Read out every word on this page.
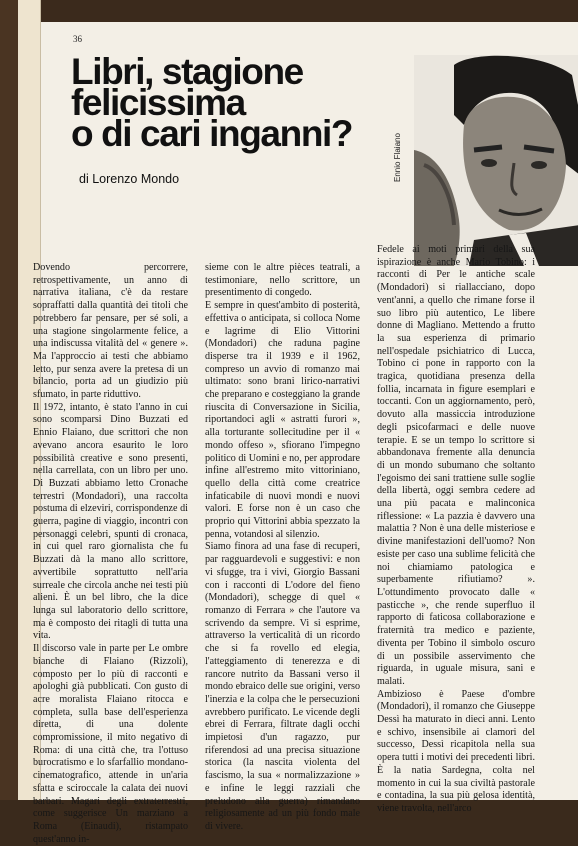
36
Libri, stagione
felicissima
o di cari inganni?
di Lorenzo Mondo	Ennio Flaiano

Dovendo percorrere, retrospettivamente, un anno di narrativa italiana, c'è da restare sopraffatti dalla quantità dei titoli che potrebbero far pensare, per sé soli, a una stagione singolarmente felice, a una indiscussa vitalità del « genere ». Ma l'approccio ai testi che abbiamo letto, pur senza avere la pretesa di un bilancio, porta ad un giudizio più sfumato, in parte riduttivo.

Il 1972, intanto, è stato l'anno in cui sono scomparsi Dino Buzzati ed Ennio Flaiano, due scrittori che non avevano ancora esaurito le loro possibilità creative e sono presenti, nella carrellata, con un libro per uno. Di Buzzati abbiamo letto Cronache terrestri (Mondadori), una raccolta postuma di elzeviri, corrispondenze di guerra, pagine di viaggio, incontri con personaggi celebri, spunti di cronaca, in cui quel raro giornalista che fu Buzzati dà la mano allo scrittore, avvertibile soprattutto nell'aria surreale che circola anche nei testi più alieni. È un bel libro, che la dice lunga sul laboratorio dello scrittore, ma è composto dei ritagli di tutta una vita.

Il discorso vale in parte per Le ombre bianche di Flaiano (Rizzoli), composto per lo più di racconti e apologhi già pubblicati. Con gusto di acre moralista Flaiano ritocca e completa, sulla base dell'esperienza diretta, di una dolente compromissione, il mito negativo di Roma: di una città che, tra l'ottuso burocratismo e lo sfarfallio mondano-cinematografico, attende in un'aria sfatta e sciroccale la calata dei nuovi barbari. Magari degli extraterrestri, come suggerisce Un marziano a Roma (Einaudi), ristampato quest'anno in-

sieme con le altre pièces teatrali, a testimoniare, nello scrittore, un presentimento di congedo.

E sempre in quest'ambito di posterità, effettiva o anticipata, si colloca Nome e lagrime di Elio Vittorini (Mondadori) che raduna pagine disperse tra il 1939 e il 1962, compreso un avvio di romanzo mai ultimato: sono brani lirico-narrativi che preparano e costeggiano la grande riuscita di Conversazione in Sicilia, riportandoci agli « astratti furori », alla torturante sollecitudine per il « mondo offeso », sfioranо l'impegno politico di Uomini e no, per approdare infine all'estremo mito vittoriniano, quello della città come creatrice infaticabile di nuovi mondi e nuovi valori. E forse non è un caso che proprio qui Vittorini abbia spezzato la penna, votandosi al silenzio.

Siamo finora ad una fase di recuperi, par ragguardevoli e suggestivi: e non vi sfugge, tra i vivi, Giorgio Bassani con i racconti di L'odore del fieno (Mondadori), schegge di quel « romanzo di Ferrara » che l'autore va scrivendo da sempre. Vi si esprime, attraverso la verticalità di un ricordo che si fa rovello ed elegia, l'atteggiamento di tenerezza e di rancore nutrito da Bassani verso il mondo ebraico delle sue origini, verso l'inerzia e la colpa che le persecuzioni avrebbero purificato. Le vicende degli ebrei di Ferrara, filtrate dagli occhi impietosi d'un ragazzo, pur riferendosi ad una precisa situazione storica (la nascita violenta del fascismo, la sua « normalizzazione » e infine le leggi razziali che preludono alla guerra) rimandano religiosamente ad un più fondo male di vivere.

Fedele ai moti primari della sua ispirazione è anche Mario Tobino: i racconti di Per le antiche scale (Mondadori) si riallacciano, dopo vent'anni, a quello che rimane forse il suo libro più autentico, Le libere donne di Magliano. Mettendo a frutto la sua esperienza di primario nell'ospedale psichiatrico di Lucca, Tobino ci pone in rapporto con la tragica, quotidiana presenza della follia, incarnata in figure esemplari e toccanti. Con un aggiornamento, però, dovuto alla massiccia introduzione degli psicofarmaci e delle nuove terapie. E se un tempo lo scrittore si abbandonava fremente alla denuncia di un mondo subumano che soltanto l'egoismo dei sani trattiene sulle soglie della libertà, oggi sembra cedere ad una più pacata e malinconica riflessione: « La pazzia è davvero una malattia ? Non è una delle misteriose e divine manifestazioni dell'uomo? Non esiste per caso una sublime felicità che noi chiamiamo patologica e superbamente rifiutiamo? ». L'ottundimento provocato dalle « pasticche », che rende superfluo il rapporto di faticosa collaborazione e fraternità tra medico e paziente, diventa per Tobino il simbolo oscuro di un possibile asservimento che riguarda, in uguale misura, sani e malati.

Ambizioso è Paese d'ombre (Mondadori), il romanzo che Giuseppe Dessì ha maturato in dieci anni. Lento e schivo, insensibile ai clamori del successo, Dessì ricapitola nella sua opera tutti i motivi dei precedenti libri. È la natia Sardegna, colta nel momento in cui la sua civiltà pastorale e contadina, la sua più gelosa identità, viene travolta, nell'arco
